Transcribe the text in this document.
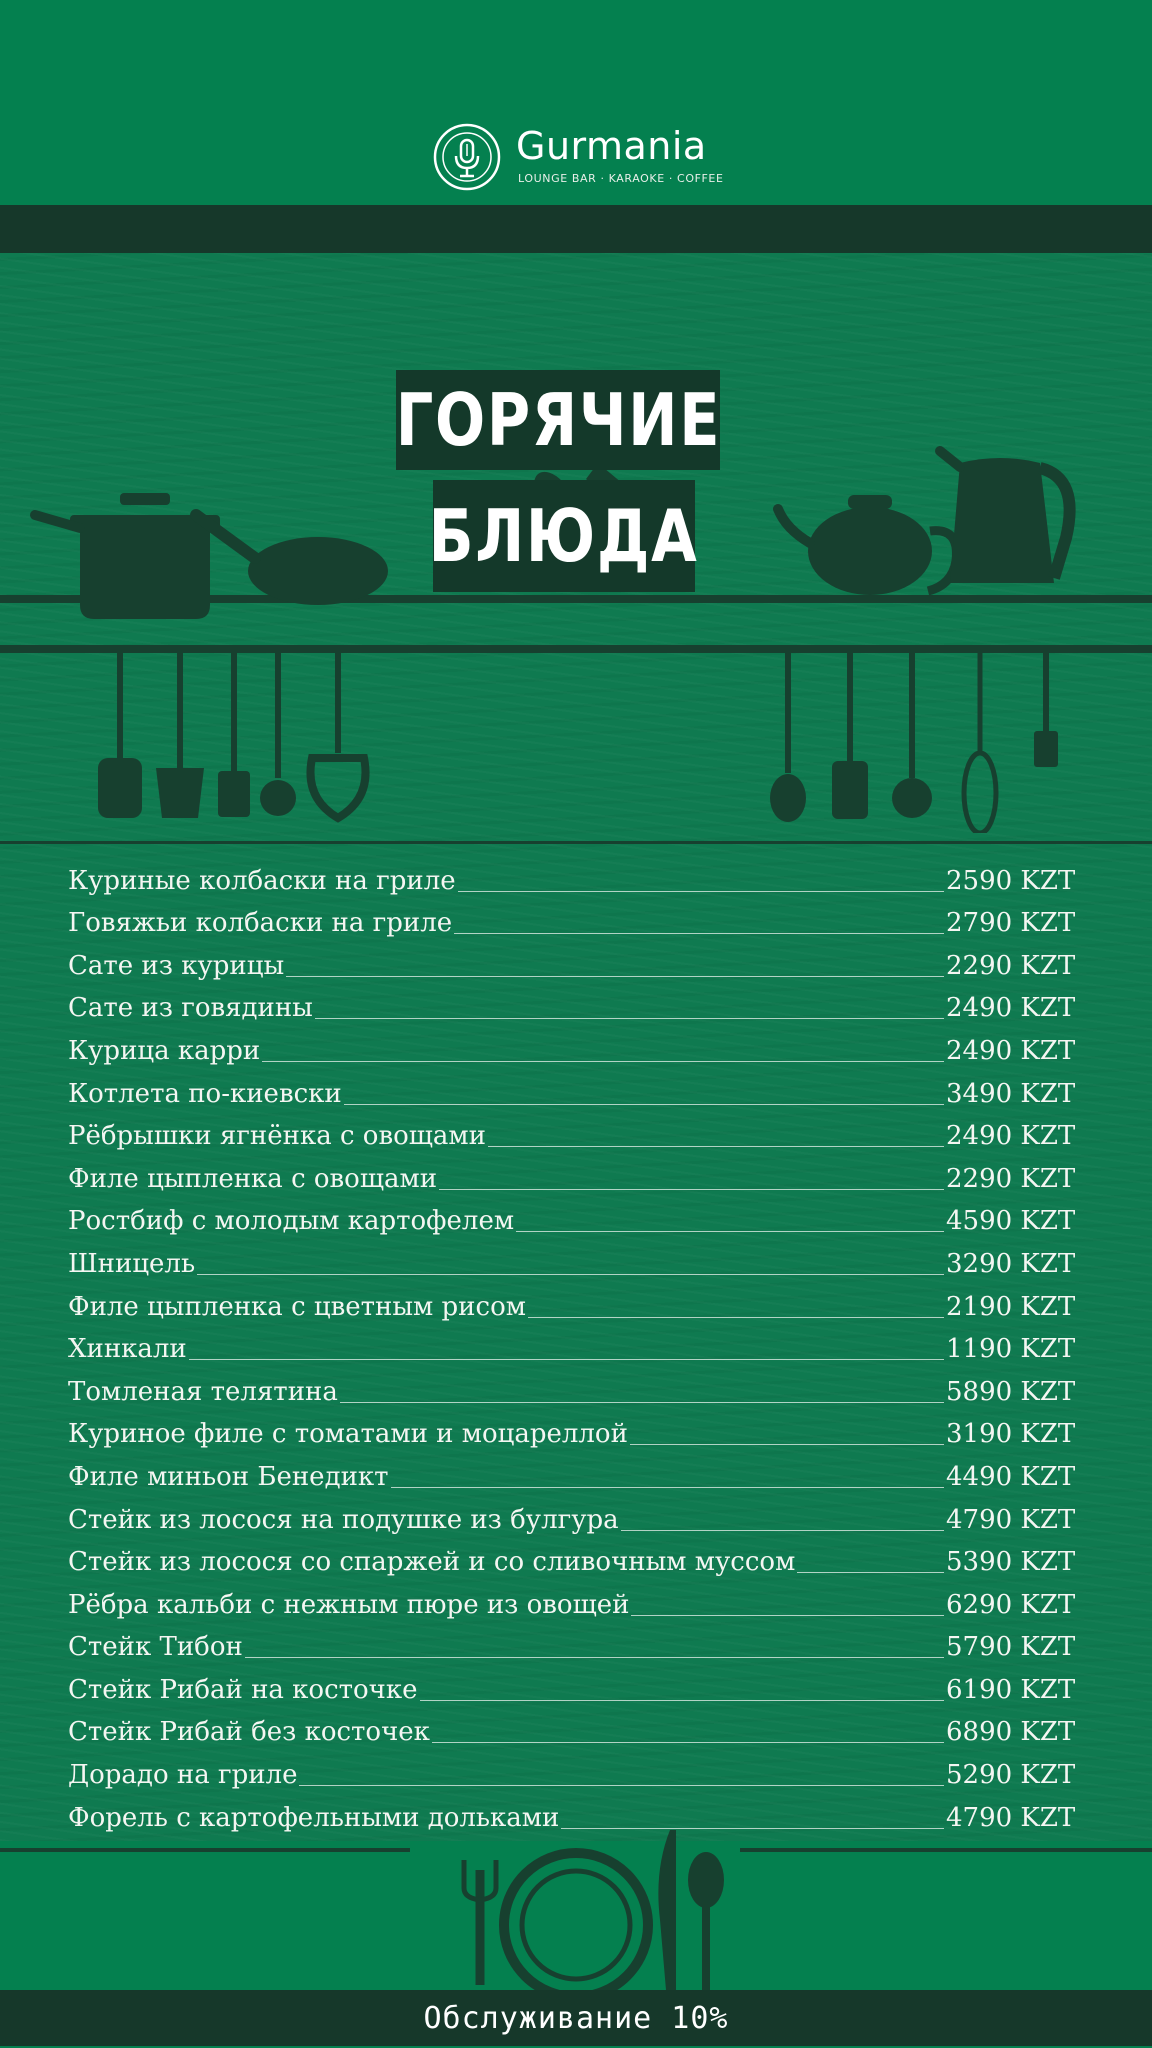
Gurmania
LOUNGE BAR · KARAOKE · COFFEE
Куриные колбаски на гриле	2590 KZT
Говяжьи колбаски на гриле	2790 KZT
Сате из курицы	2290 KZT
Сате из говядины	2490 KZT
Курица карри	2490 KZT
Котлета по-киевски	3490 KZT
Рёбрышки ягнёнка с овощами	2490 KZT
Филе цыпленка с овощами	2290 KZT
Ростбиф с молодым картофелем	4590 KZT
Шницель	3290 KZT
Филе цыпленка с цветным рисом	2190 KZT
Хинкали	1190 KZT
Томленая телятина	5890 KZT
Куриное филе с томатами и моцареллой	3190 KZT
Филе миньон Бенедикт	4490 KZT
Стейк из лосося на подушке из булгура	4790 KZT
Стейк из лосося со спаржей и со сливочным муссом	5390 KZT
Рёбра кальби с нежным пюре из овощей	6290 KZT
Стейк Тибон	5790 KZT
Стейк Рибай на косточке	6190 KZT
Стейк Рибай без косточек	6890 KZT
Дорадо на гриле	5290 KZT
Форель с картофельными дольками	4790 KZT
Обслуживание 10%
ГОРЯЧИЕ
БЛЮДА
